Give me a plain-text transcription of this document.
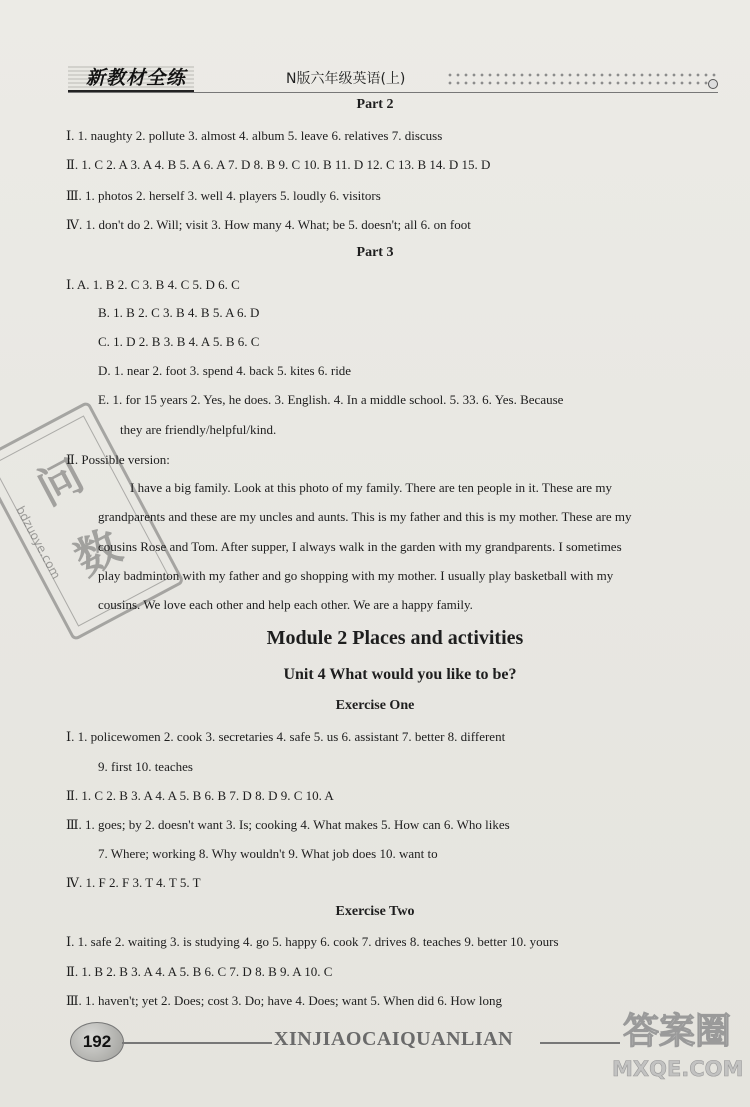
新教材全练	N版六年级英语(上)
问
数
bdzuoye.com
Module 2 Places and activities
Unit 4 What would you like to be?
Part 2
Ⅰ. 1. naughty 2. pollute 3. almost 4. album 5. leave 6. relatives 7. discuss
Ⅱ. 1. C 2. A 3. A 4. B 5. A 6. A 7. D 8. B 9. C 10. B 11. D 12. C 13. B 14. D 15. D
Ⅲ. 1. photos 2. herself 3. well 4. players 5. loudly 6. visitors
Ⅳ. 1. don't do 2. Will; visit 3. How many 4. What; be 5. doesn't; all 6. on foot
Part 3
Ⅰ. A. 1. B 2. C 3. B 4. C 5. D 6. C
B. 1. B 2. C 3. B 4. B 5. A 6. D
C. 1. D 2. B 3. B 4. A 5. B 6. C
D. 1. near 2. foot 3. spend 4. back 5. kites 6. ride
E. 1. for 15 years 2. Yes, he does. 3. English. 4. In a middle school. 5. 33. 6. Yes. Because
they are friendly/helpful/kind.
Ⅱ. Possible version:
I have a big family. Look at this photo of my family. There are ten people in it. These are my
grandparents and these are my uncles and aunts. This is my father and this is my mother. These are my
cousins Rose and Tom. After supper, I always walk in the garden with my grandparents. I sometimes
play badminton with my father and go shopping with my mother. I usually play basketball with my
cousins. We love each other and help each other. We are a happy family.
Exercise One
Ⅰ. 1. policewomen 2. cook 3. secretaries 4. safe 5. us 6. assistant 7. better 8. different
9. first 10. teaches
Ⅱ. 1. C 2. B 3. A 4. A 5. B 6. B 7. D 8. D 9. C 10. A
Ⅲ. 1. goes; by 2. doesn't want 3. Is; cooking 4. What makes 5. How can 6. Who likes
7. Where; working 8. Why wouldn't 9. What job does 10. want to
Ⅳ. 1. F 2. F 3. T 4. T 5. T
Exercise Two
Ⅰ. 1. safe 2. waiting 3. is studying 4. go 5. happy 6. cook 7. drives 8. teaches 9. better 10. yours
Ⅱ. 1. B 2. B 3. A 4. A 5. B 6. C 7. D 8. B 9. A 10. C
Ⅲ. 1. haven't; yet 2. Does; cost 3. Do; have 4. Does; want 5. When did 6. How long
192	XINJIAOCAIQUANLIAN	答案圈
MXQE.COM
